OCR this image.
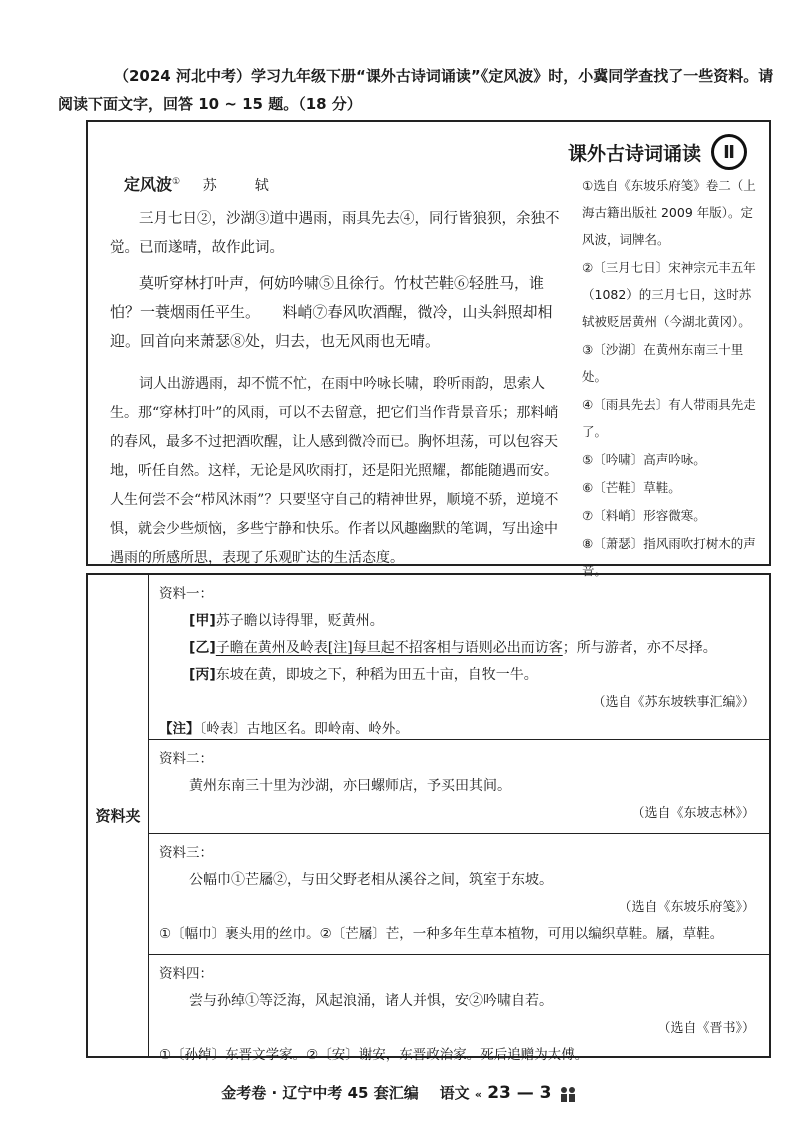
（2024 河北中考）学习九年级下册“课外古诗词诵读”《定风波》时，小冀同学查找了一些资料。请
阅读下面文字，回答 10 ~ 15 题。（18 分）
课外古诗词诵读	Ⅱ
定风波① 苏　轼
三月七日②，沙湖③道中遇雨，雨具先去④，同行皆狼狈，余独不觉。已而遂晴，故作此词。
莫听穿林打叶声，何妨吟啸⑤且徐行。竹杖芒鞋⑥轻胜马，谁怕？一蓑烟雨任平生。　　料峭⑦春风吹酒醒，微冷，山头斜照却相迎。回首向来萧瑟⑧处，归去，也无风雨也无晴。
词人出游遇雨，却不慌不忙，在雨中吟咏长啸，聆听雨韵，思索人生。那“穿林打叶”的风雨，可以不去留意，把它们当作背景音乐；那料峭的春风，最多不过把酒吹醒，让人感到微冷而已。胸怀坦荡，可以包容天地，听任自然。这样，无论是风吹雨打，还是阳光照耀，都能随遇而安。人生何尝不会“栉风沐雨”？只要坚守自己的精神世界，顺境不骄，逆境不惧，就会少些烦恼，多些宁静和快乐。作者以风趣幽默的笔调，写出途中遇雨的所感所思，表现了乐观旷达的生活态度。
①选自《东坡乐府笺》卷二（上海古籍出版社 2009 年版）。定风波，词牌名。
②〔三月七日〕宋神宗元丰五年（1082）的三月七日，这时苏轼被贬居黄州（今湖北黄冈）。
③〔沙湖〕在黄州东南三十里处。
④〔雨具先去〕有人带雨具先走了。
⑤〔吟啸〕高声吟咏。
⑥〔芒鞋〕草鞋。
⑦〔料峭〕形容微寒。
⑧〔萧瑟〕指风雨吹打树木的声音。
资料夹
资料一：
[甲]苏子瞻以诗得罪，贬黄州。
[乙]子瞻在黄州及岭表[注]每旦起不招客相与语则必出而访客；所与游者，亦不尽择。
[丙]东坡在黄，即坡之下，种稻为田五十亩，自牧一牛。
（选自《苏东坡轶事汇编》）
【注】〔岭表〕古地区名。即岭南、岭外。
资料二：
黄州东南三十里为沙湖，亦曰螺师店，予买田其间。
（选自《东坡志林》）
资料三：
公幅巾①芒屩②，与田父野老相从溪谷之间，筑室于东坡。
（选自《东坡乐府笺》）
①〔幅巾〕裹头用的丝巾。②〔芒屩〕芒，一种多年生草本植物，可用以编织草鞋。屩，草鞋。
资料四：
尝与孙绰①等泛海，风起浪涌，诸人并惧，安②吟啸自若。
（选自《晋书》）
①〔孙绰〕东晋文学家。②〔安〕谢安，东晋政治家。死后追赠为太傅。
金考卷 · 辽宁中考 45 套汇编 语文 « 23 — 3
